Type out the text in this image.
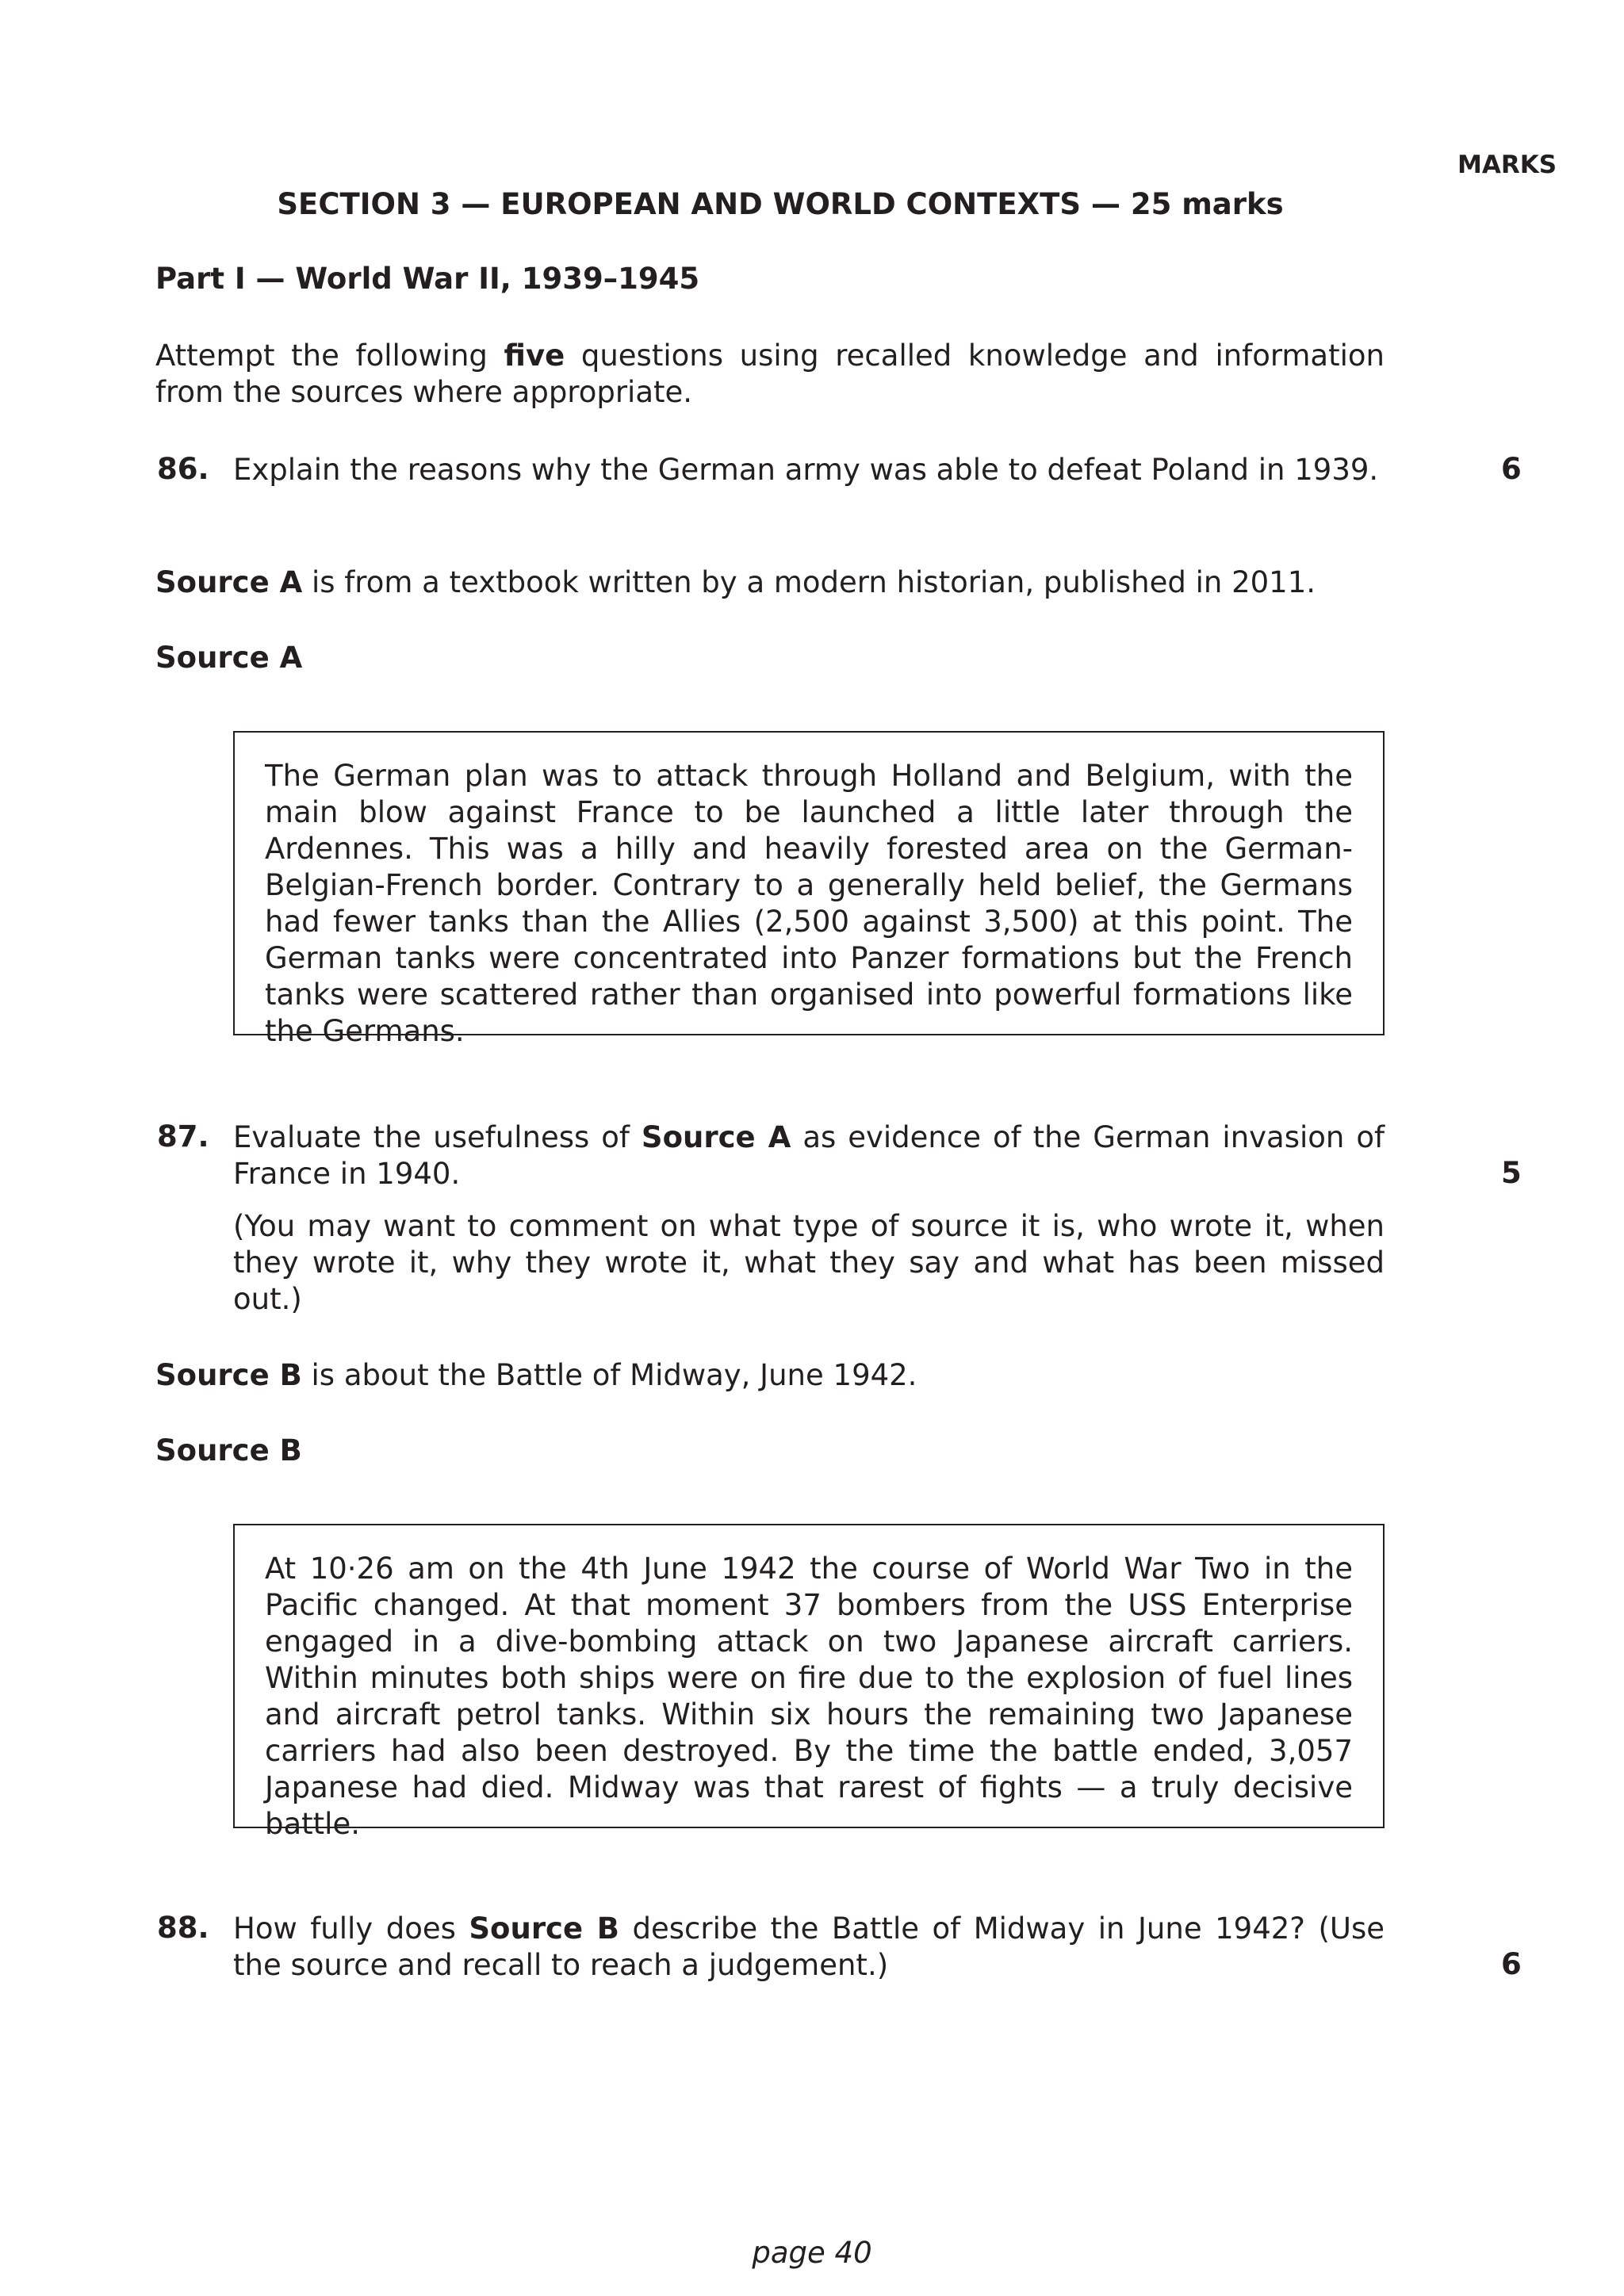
MARKS
SECTION 3 — EUROPEAN AND WORLD CONTEXTS — 25 marks
Part I — World War II, 1939–1945
Attempt the following five questions using recalled knowledge and information from the sources where appropriate.
86. Explain the reasons why the German army was able to defeat Poland in 1939.	6
Source A is from a textbook written by a modern historian, published in 2011.
Source A

The German plan was to attack through Holland and Belgium, with the main blow against France to be launched a little later through the Ardennes. This was a hilly and heavily forested area on the German-Belgian-French border. Contrary to a generally held belief, the Germans had fewer tanks than the Allies (2,500 against 3,500) at this point. The German tanks were concentrated into Panzer formations but the French tanks were scattered rather than organised into powerful formations like the Germans.

87. Evaluate the usefulness of Source A as evidence of the German invasion of France in 1940.	5
(You may want to comment on what type of source it is, who wrote it, when they wrote it, why they wrote it, what they say and what has been missed out.)
Source B is about the Battle of Midway, June 1942.
Source B

At 10·26 am on the 4th June 1942 the course of World War Two in the Pacific changed. At that moment 37 bombers from the USS Enterprise engaged in a dive-bombing attack on two Japanese aircraft carriers. Within minutes both ships were on fire due to the explosion of fuel lines and aircraft petrol tanks. Within six hours the remaining two Japanese carriers had also been destroyed. By the time the battle ended, 3,057 Japanese had died. Midway was that rarest of fights — a truly decisive battle.

88. How fully does Source B describe the Battle of Midway in June 1942? (Use the source and recall to reach a judgement.)	6
page 40
